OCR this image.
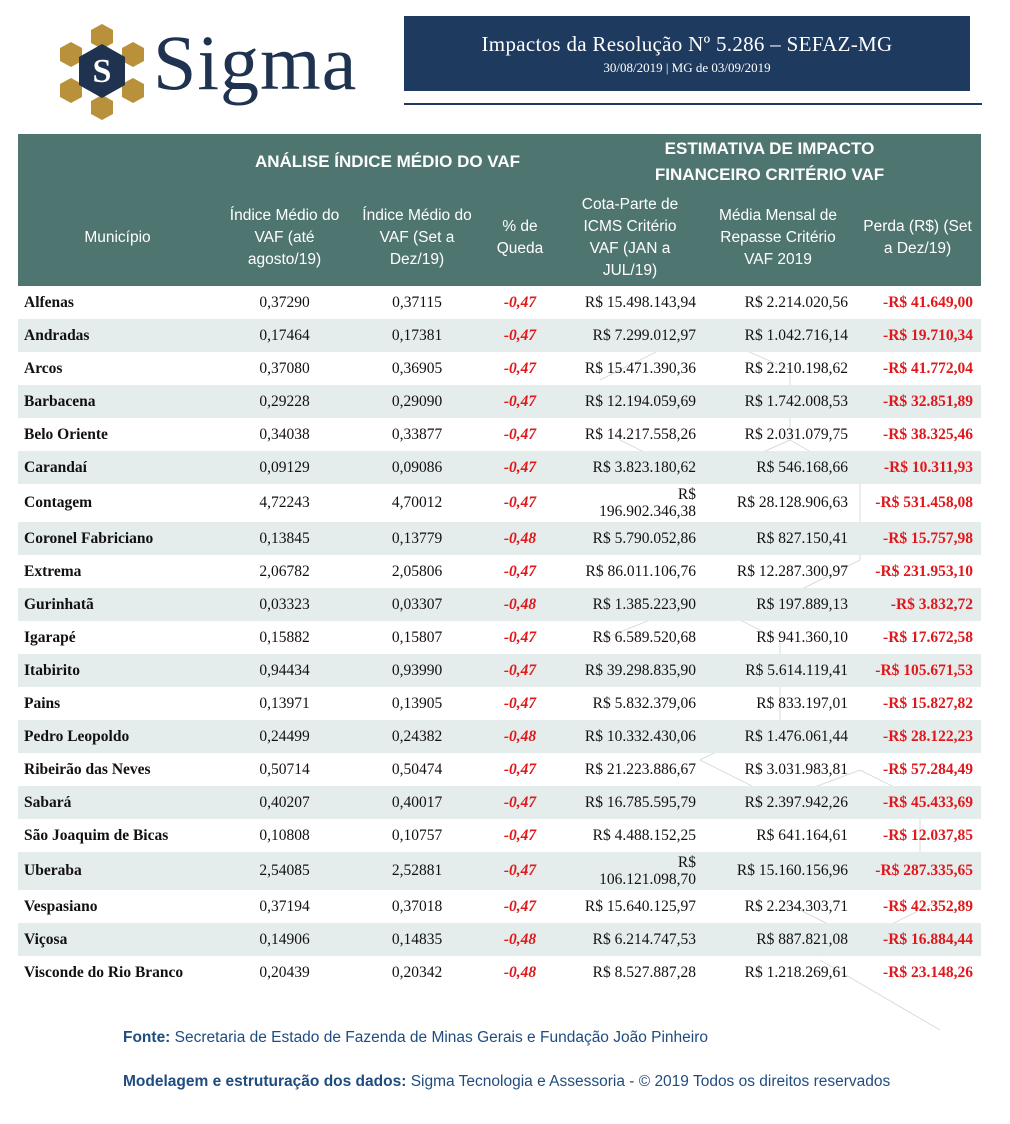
S Sigma	Impactos da Resolução Nº 5.286 – SEFAZ-MG
30/08/2019 | MG de 03/09/2019
	ANÁLISE ÍNDICE MÉDIO DO VAF			ESTIMATIVA DE IMPACTO FINANCEIRO CRITÉRIO VAF		
Município	Índice Médio do VAF (até agosto/19)	Índice Médio do VAF (Set a Dez/19)	% de Queda	Cota-Parte de ICMS Critério VAF (JAN a JUL/19)	Média Mensal de Repasse Critério VAF 2019	Perda (R$) (Set a Dez/19)
Alfenas	0,37290	0,37115	-0,47	R$ 15.498.143,94	R$ 2.214.020,56	-R$ 41.649,00
Andradas	0,17464	0,17381	-0,47	R$ 7.299.012,97	R$ 1.042.716,14	-R$ 19.710,34
Arcos	0,37080	0,36905	-0,47	R$ 15.471.390,36	R$ 2.210.198,62	-R$ 41.772,04
Barbacena	0,29228	0,29090	-0,47	R$ 12.194.059,69	R$ 1.742.008,53	-R$ 32.851,89
Belo Oriente	0,34038	0,33877	-0,47	R$ 14.217.558,26	R$ 2.031.079,75	-R$ 38.325,46
Carandaí	0,09129	0,09086	-0,47	R$ 3.823.180,62	R$ 546.168,66	-R$ 10.311,93
Contagem	4,72243	4,70012	-0,47	R$
196.902.346,38	R$ 28.128.906,63	-R$ 531.458,08
Coronel Fabriciano	0,13845	0,13779	-0,48	R$ 5.790.052,86	R$ 827.150,41	-R$ 15.757,98
Extrema	2,06782	2,05806	-0,47	R$ 86.011.106,76	R$ 12.287.300,97	-R$ 231.953,10
Gurinhatã	0,03323	0,03307	-0,48	R$ 1.385.223,90	R$ 197.889,13	-R$ 3.832,72
Igarapé	0,15882	0,15807	-0,47	R$ 6.589.520,68	R$ 941.360,10	-R$ 17.672,58
Itabirito	0,94434	0,93990	-0,47	R$ 39.298.835,90	R$ 5.614.119,41	-R$ 105.671,53
Pains	0,13971	0,13905	-0,47	R$ 5.832.379,06	R$ 833.197,01	-R$ 15.827,82
Pedro Leopoldo	0,24499	0,24382	-0,48	R$ 10.332.430,06	R$ 1.476.061,44	-R$ 28.122,23
Ribeirão das Neves	0,50714	0,50474	-0,47	R$ 21.223.886,67	R$ 3.031.983,81	-R$ 57.284,49
Sabará	0,40207	0,40017	-0,47	R$ 16.785.595,79	R$ 2.397.942,26	-R$ 45.433,69
São Joaquim de Bicas	0,10808	0,10757	-0,47	R$ 4.488.152,25	R$ 641.164,61	-R$ 12.037,85
Uberaba	2,54085	2,52881	-0,47	R$
106.121.098,70	R$ 15.160.156,96	-R$ 287.335,65
Vespasiano	0,37194	0,37018	-0,47	R$ 15.640.125,97	R$ 2.234.303,71	-R$ 42.352,89
Viçosa	0,14906	0,14835	-0,48	R$ 6.214.747,53	R$ 887.821,08	-R$ 16.884,44
Visconde do Rio Branco	0,20439	0,20342	-0,48	R$ 8.527.887,28	R$ 1.218.269,61	-R$ 23.148,26
Fonte: Secretaria de Estado de Fazenda de Minas Gerais e Fundação João Pinheiro
Modelagem e estruturação dos dados: Sigma Tecnologia e Assessoria - © 2019 Todos os direitos reservados
